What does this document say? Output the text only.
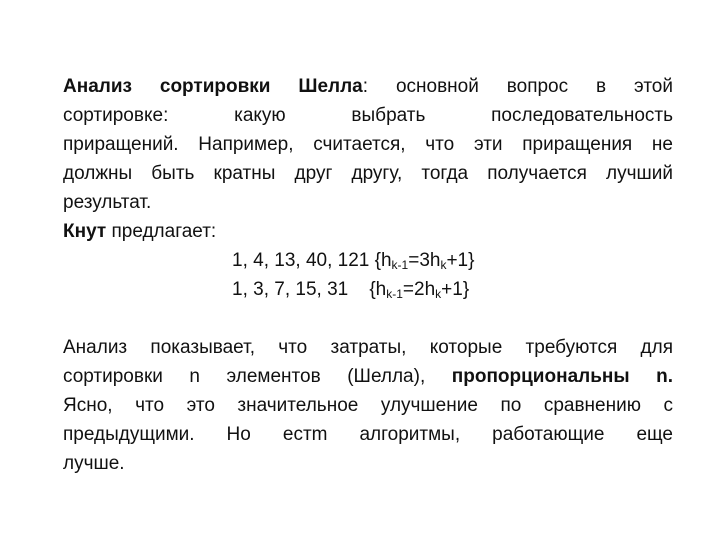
Анализ сортировки Шелла: основной вопрос в этой
сортировке: какую выбрать последовательность
приращений. Например, считается, что эти приращения не
должны быть кратны друг другу, тогда получается лучший
результат.
Кнут предлагает:
1, 4, 13, 40, 121 $\{h_{k-1}=3h_k+1\}$
1, 3, 7, 15, 31 $\{h_{k-1}=2h_k+1\}$
Анализ показывает, что затраты, которые требуются для
сортировки n элементов (Шелла), пропорциональны n.
Ясно, что это значительное улучшение по сравнению с
предыдущими. Но естm алгоритмы, работающие еще
лучше.
